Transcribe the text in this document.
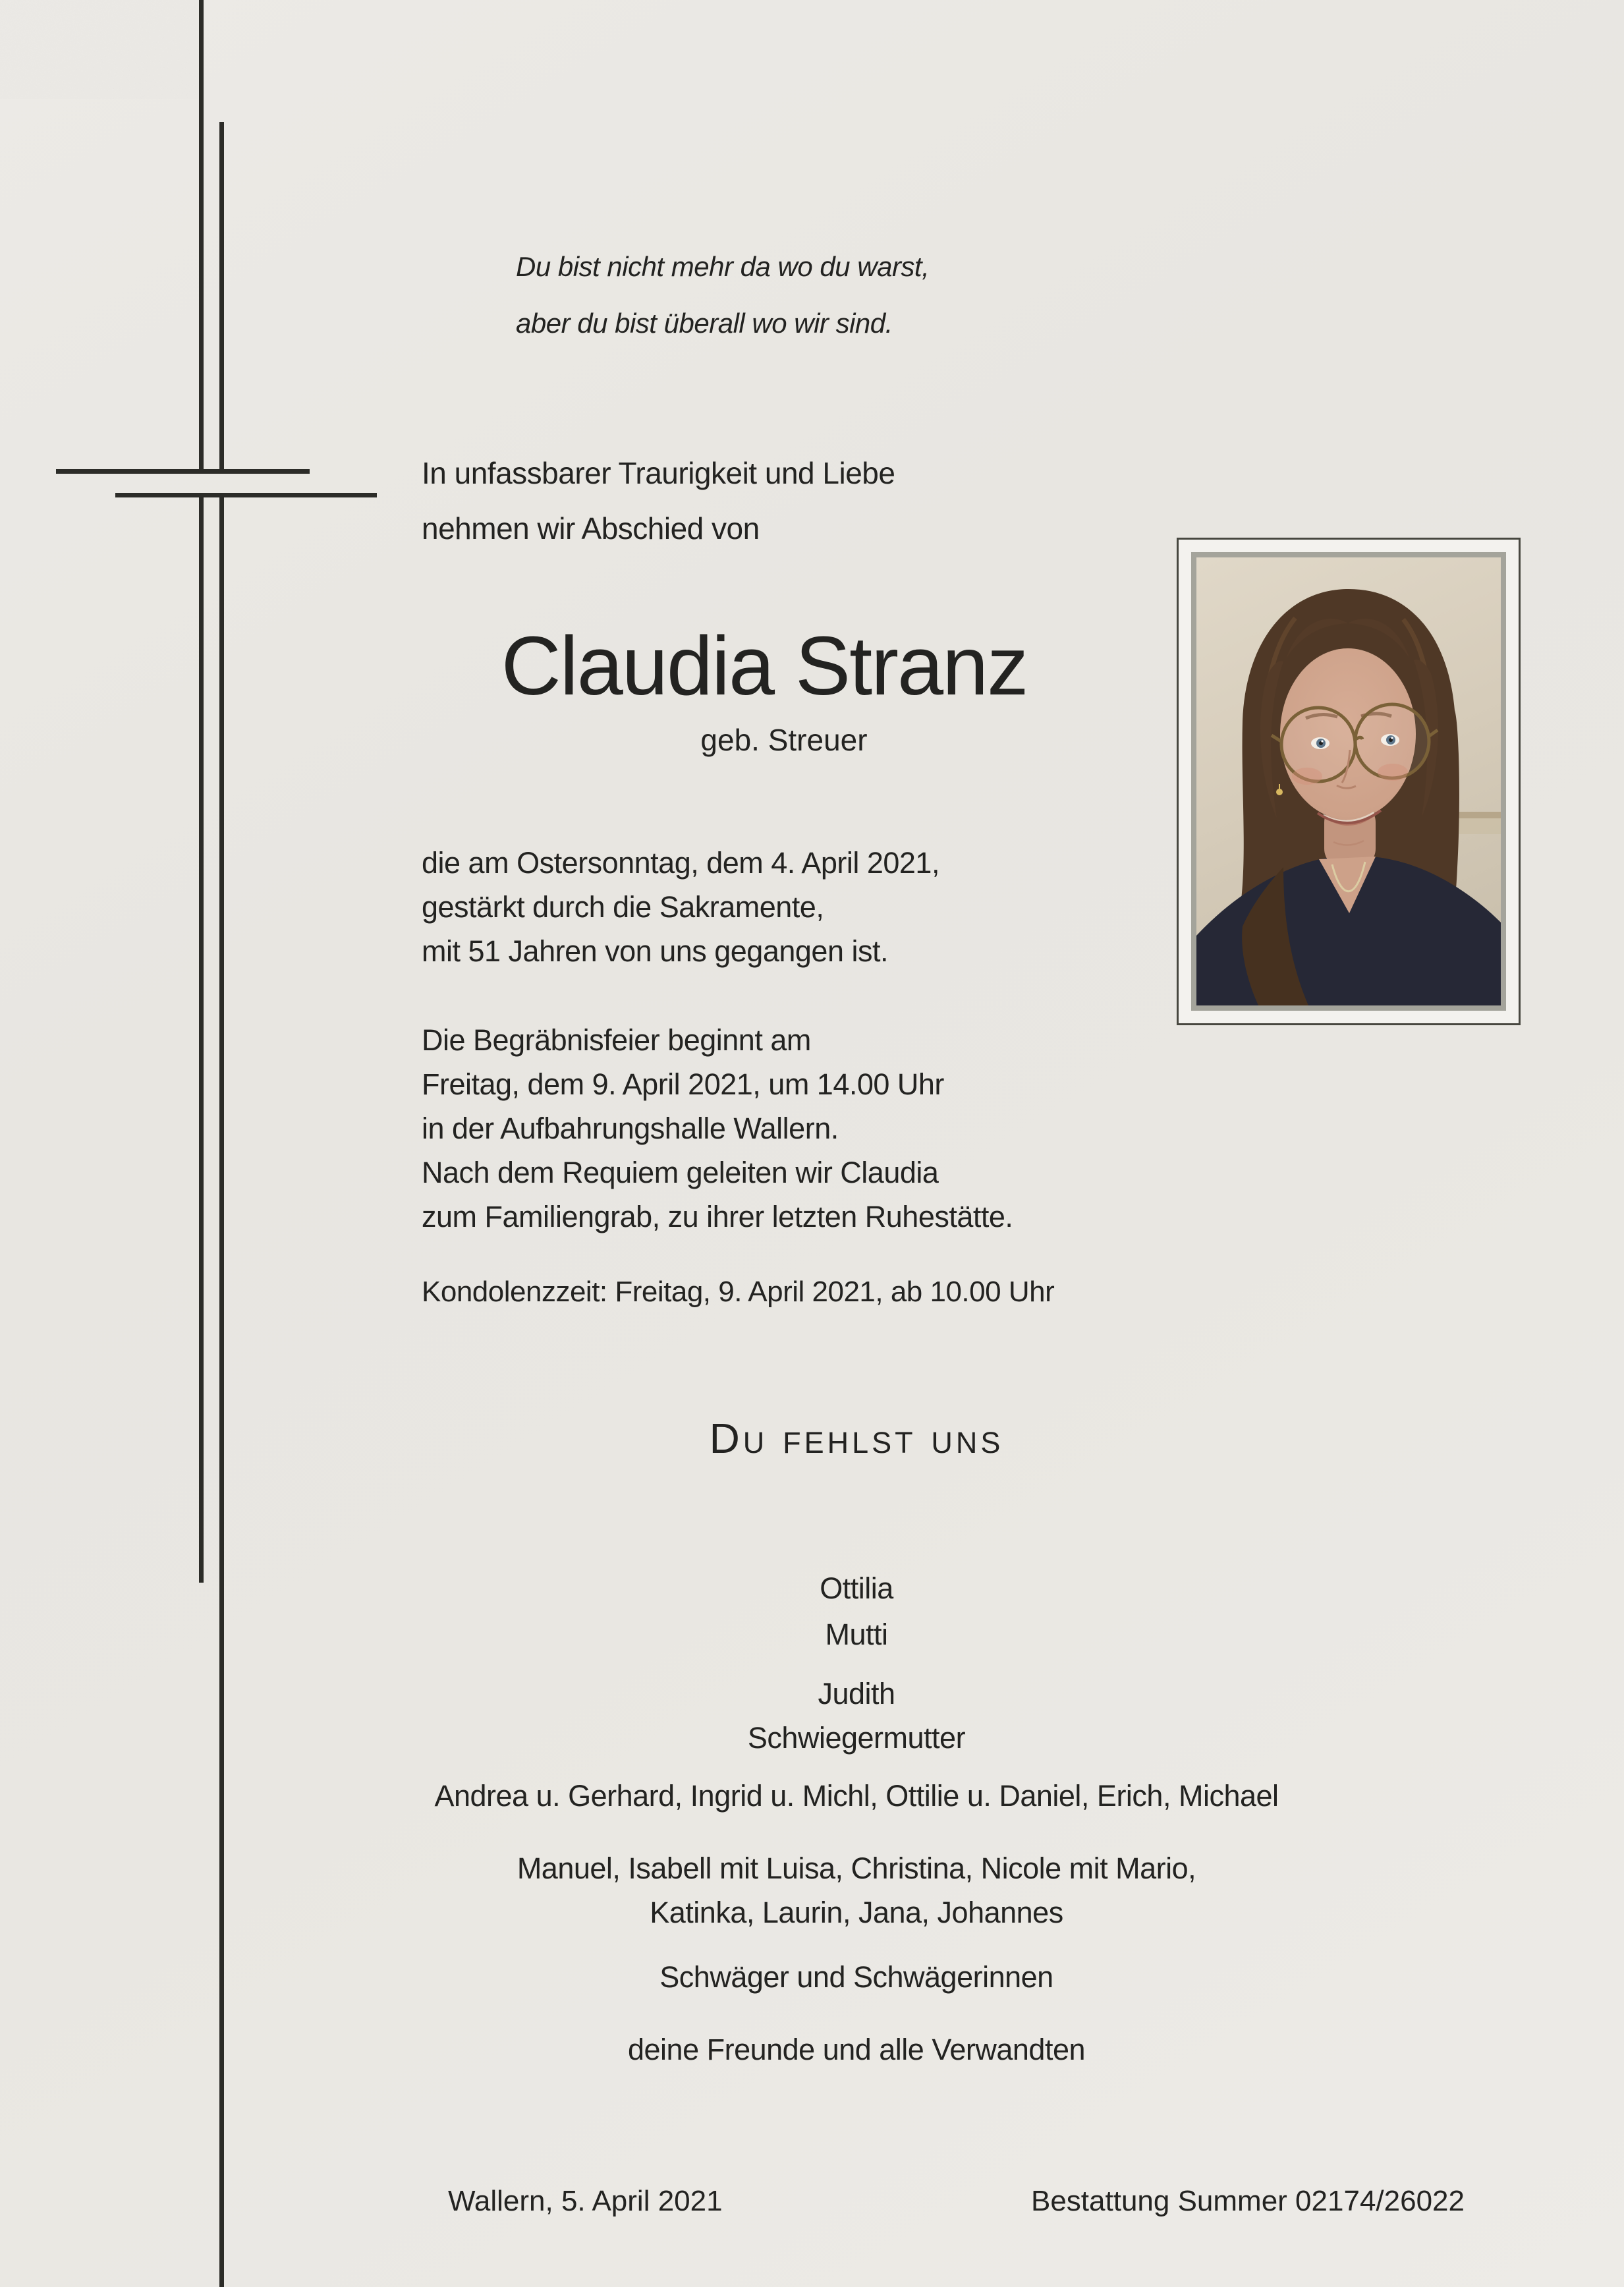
Du bist nicht mehr da wo du warst,
aber du bist überall wo wir sind.
In unfassbarer Traurigkeit und Liebe
nehmen wir Abschied von
Claudia Stranz
geb. Streuer
die am Ostersonntag, dem 4. April 2021,
gestärkt durch die Sakramente,
mit 51 Jahren von uns gegangen ist.
Die Begräbnisfeier beginnt am
Freitag, dem 9. April 2021, um 14.00 Uhr
in der Aufbahrungshalle Wallern.
Nach dem Requiem geleiten wir Claudia
zum Familiengrab, zu ihrer letzten Ruhestätte.
Kondolenzzeit: Freitag, 9. April 2021, ab 10.00 Uhr
Du fehlst uns
Ottilia
Mutti
Judith
Schwiegermutter
Andrea u. Gerhard, Ingrid u. Michl, Ottilie u. Daniel, Erich, Michael
Manuel, Isabell mit Luisa, Christina, Nicole mit Mario,
Katinka, Laurin, Jana, Johannes
Schwäger und Schwägerinnen
deine Freunde und alle Verwandten
Wallern, 5. April 2021	Bestattung Summer 02174/26022
